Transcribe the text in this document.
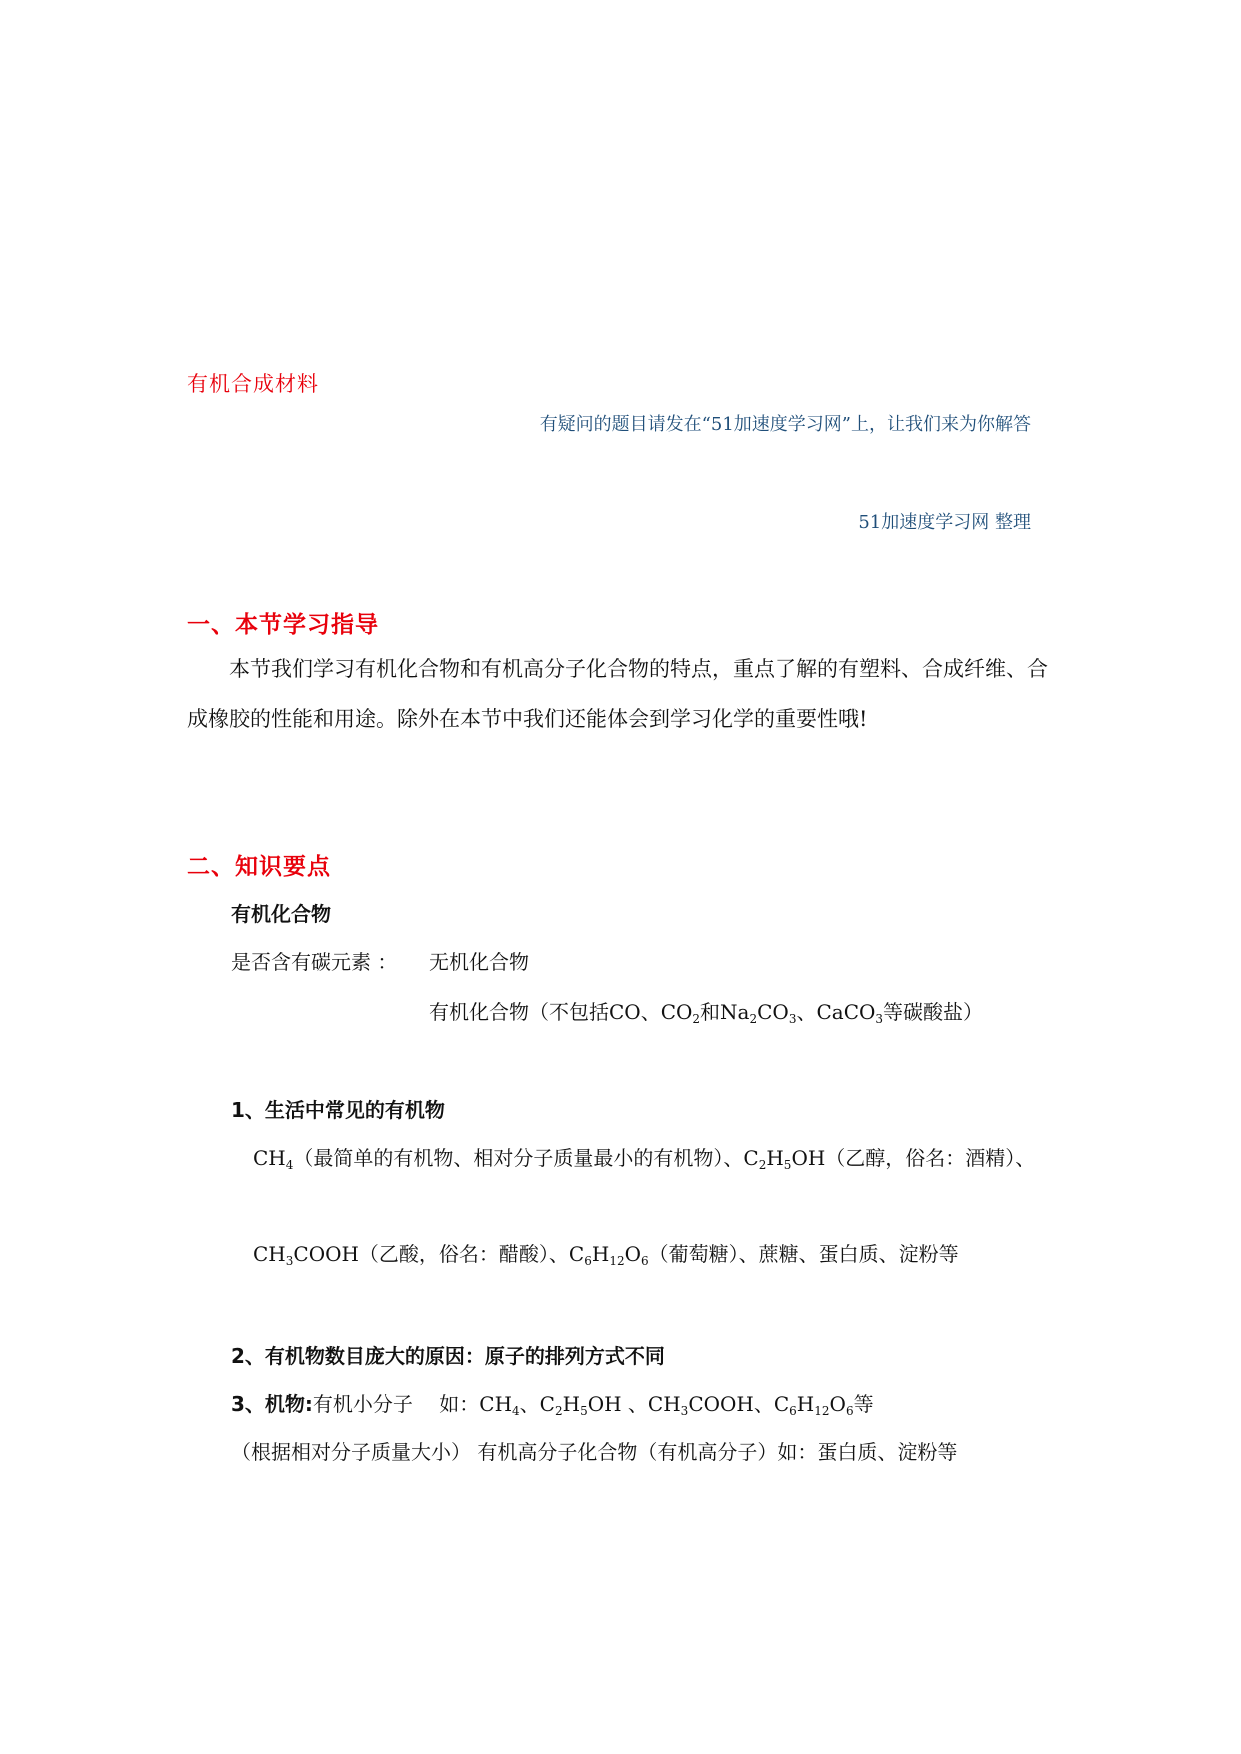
有机合成材料
有疑问的题目请发在“51加速度学习网”上，让我们来为你解答
51加速度学习网 整理
一、本节学习指导
本节我们学习有机化合物和有机高分子化合物的特点，重点了解的有塑料、合成纤维、合成橡胶的性能和用途。除外在本节中我们还能体会到学习化学的重要性哦!
二、知识要点
有机化合物
是否含有碳元素 ： 无机化合物
有机化合物（不包括CO、$CO_2$和$Na_2CO_3$、CaCO$_3$等碳酸盐）
1、生活中常见的有机物
$CH_4$（最简单的有机物、相对分子质量最小的有机物）、$C_2H_5OH$（乙醇，俗名：酒精）、
$CH_3COOH$（乙酸，俗名：醋酸）、$C_6H_{12}O_6$（葡萄糖）、蔗糖、蛋白质、淀粉等
2、有机物数目庞大的原因：原子的排列方式不同
3、机物:有机小分子　 如：$CH_4$、$C_2H_5OH$ 、$CH_3COOH$、$C_6H_{12}O_6$等
（根据相对分子质量大小） 有机高分子化合物（有机高分子）如：蛋白质、淀粉等
